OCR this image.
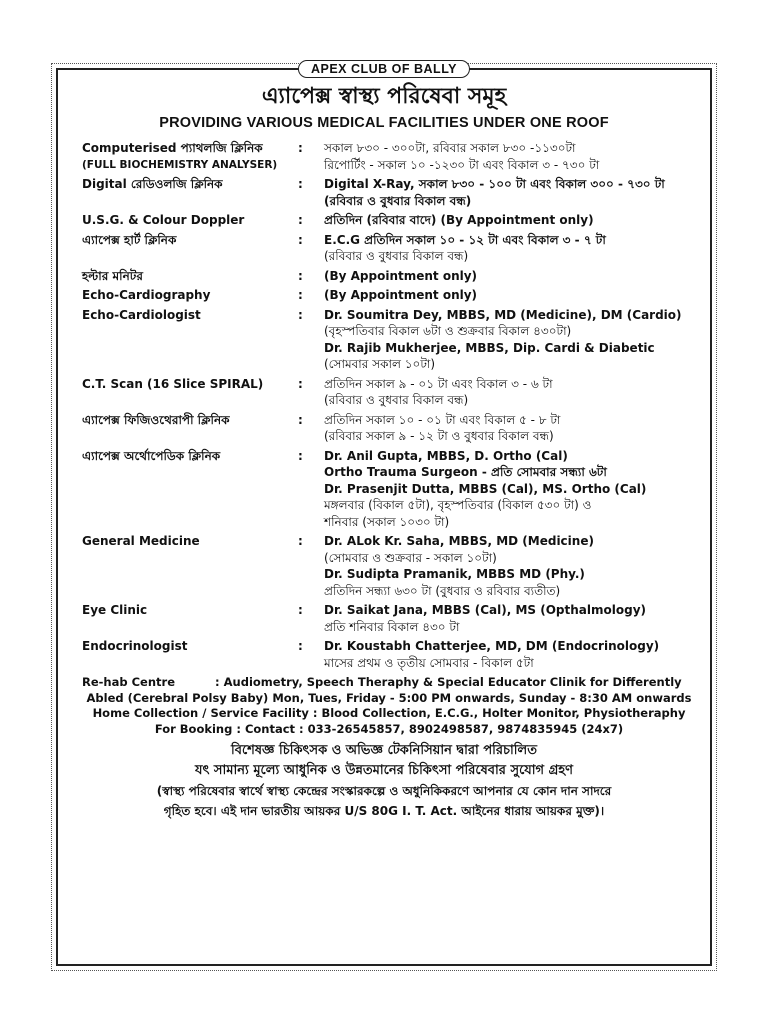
APEX CLUB OF BALLY
এ্যাপেক্স স্বাস্থ্য পরিষেবা সমূহ
PROVIDING VARIOUS MEDICAL FACILITIES UNDER ONE ROOF
Computerised প্যাথলজি ক্লিনিক
(FULL BIOCHEMISTRY ANALYSER)
:	সকাল ৮৩০ - ৩০০টা, রবিবার সকাল ৮৩০ -১১৩০টা
রিপোর্টিং - সকাল ১০ -১২৩০ টা এবং বিকাল ৩ - ৭৩০ টা
Digital রেডিওলজি ক্লিনিক	:	Digital X-Ray, সকাল ৮৩০ - ১০০ টা এবং বিকাল ৩০০ - ৭৩০ টা (রবিবার ও বুধবার বিকাল বন্ধ)
U.S.G. & Colour Doppler	:	প্রতিদিন (রবিবার বাদে) (By Appointment only)
এ্যাপেক্স হার্ট ক্লিনিক	:	E.C.G প্রতিদিন সকাল ১০ - ১২ টা এবং বিকাল ৩ - ৭ টা
(রবিবার ও বুধবার বিকাল বন্ধ)
হল্টার মনিটর	:	(By Appointment only)
Echo-Cardiography	:	(By Appointment only)
Echo-Cardiologist	:	Dr. Soumitra Dey, MBBS, MD (Medicine), DM (Cardio)
(বৃহস্পতিবার বিকাল ৬টা ও শুক্রবার বিকাল ৪৩০টা)
Dr. Rajib Mukherjee, MBBS, Dip. Cardi & Diabetic
(সোমবার সকাল ১০টা)
C.T. Scan (16 Slice SPIRAL)	:	প্রতিদিন সকাল ৯ - ০১ টা এবং বিকাল ৩ - ৬ টা
(রবিবার ও বুধবার বিকাল বন্ধ)
এ্যাপেক্স ফিজিওথেরাপী ক্লিনিক	:	প্রতিদিন সকাল ১০ - ০১ টা এবং বিকাল ৫ - ৮ টা
(রবিবার সকাল ৯ - ১২ টা ও বুধবার বিকাল বন্ধ)
এ্যাপেক্স অর্থোপেডিক ক্লিনিক	:	Dr. Anil Gupta, MBBS, D. Ortho (Cal)
Ortho Trauma Surgeon - প্রতি সোমবার সন্ধ্যা ৬টা
Dr. Prasenjit Dutta, MBBS (Cal), MS. Ortho (Cal)
মঙ্গলবার (বিকাল ৫টা), বৃহস্পতিবার (বিকাল ৫৩০ টা) ও
শনিবার (সকাল ১০৩০ টা)
General Medicine	:	Dr. ALok Kr. Saha, MBBS, MD (Medicine)
(সোমবার ও শুক্রবার - সকাল ১০টা)
Dr. Sudipta Pramanik, MBBS MD (Phy.)
প্রতিদিন সন্ধ্যা ৬৩০ টা (বুধবার ও রবিবার ব্যতীত)
Eye Clinic	:	Dr. Saikat Jana, MBBS (Cal), MS (Opthalmology)
প্রতি শনিবার বিকাল ৪৩০ টা
Endocrinologist	:	Dr. Koustabh Chatterjee, MD, DM (Endocrinology)
মাসের প্রথম ও তৃতীয় সোমবার - বিকাল ৫টা
Re-hab Centre          : Audiometry, Speech Theraphy & Special Educator Clinik for Differently
Abled (Cerebral Polsy Baby) Mon, Tues, Friday - 5:00 PM onwards, Sunday - 8:30 AM onwards
Home Collection / Service Facility : Blood Collection, E.C.G., Holter Monitor, Physiotheraphy
For Booking : Contact : 033-26545857, 8902498587, 9874835945 (24x7)
বিশেষজ্ঞ চিকিৎসক ও অভিজ্ঞ টেকনিসিয়ান দ্বারা পরিচালিত
যৎ সামান্য মূল্যে আধুনিক ও উন্নতমানের চিকিৎসা পরিষেবার সুযোগ গ্রহণ
(স্বাস্থ্য পরিষেবার স্বার্থে স্বাস্থ্য কেন্দ্রের সংস্কারকল্পে ও অধুনিকিকরণে আপনার যে কোন দান সাদরে
গৃহিত হবে। এই দান ভারতীয় আয়কর U/S 80G I. T. Act. আইনের ধারায় আয়কর মুক্ত)।
